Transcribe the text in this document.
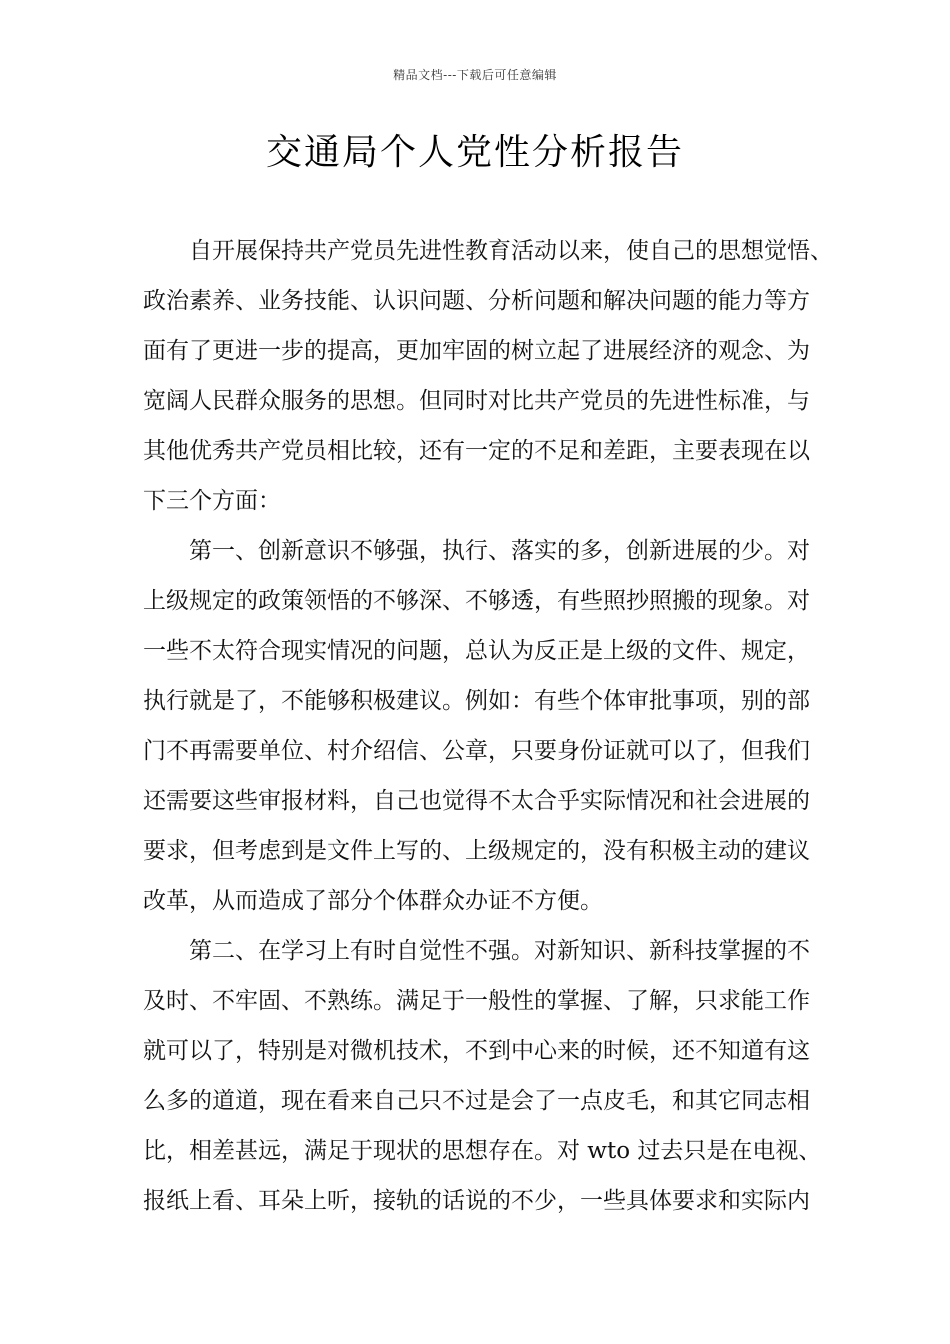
精品文档---下载后可任意编辑
交通局个人党性分析报告
　　自开展保持共产党员先进性教育活动以来，使自己的思想觉悟、
政治素养、业务技能、认识问题、分析问题和解决问题的能力等方
面有了更进一步的提高，更加牢固的树立起了进展经济的观念、为
宽阔人民群众服务的思想。但同时对比共产党员的先进性标准，与
其他优秀共产党员相比较，还有一定的不足和差距，主要表现在以
下三个方面：
　　第一、创新意识不够强，执行、落实的多，创新进展的少。对
上级规定的政策领悟的不够深、不够透，有些照抄照搬的现象。对
一些不太符合现实情况的问题，总认为反正是上级的文件、规定，
执行就是了，不能够积极建议。例如：有些个体审批事项，别的部
门不再需要单位、村介绍信、公章，只要身份证就可以了，但我们
还需要这些审报材料，自己也觉得不太合乎实际情况和社会进展的
要求，但考虑到是文件上写的、上级规定的，没有积极主动的建议
改革，从而造成了部分个体群众办证不方便。
　　第二、在学习上有时自觉性不强。对新知识、新科技掌握的不
及时、不牢固、不熟练。满足于一般性的掌握、了解，只求能工作
就可以了，特别是对微机技术，不到中心来的时候，还不知道有这
么多的道道，现在看来自己只不过是会了一点皮毛，和其它同志相
比，相差甚远，满足于现状的思想存在。对 wto 过去只是在电视、
报纸上看、耳朵上听，接轨的话说的不少，一些具体要求和实际内
